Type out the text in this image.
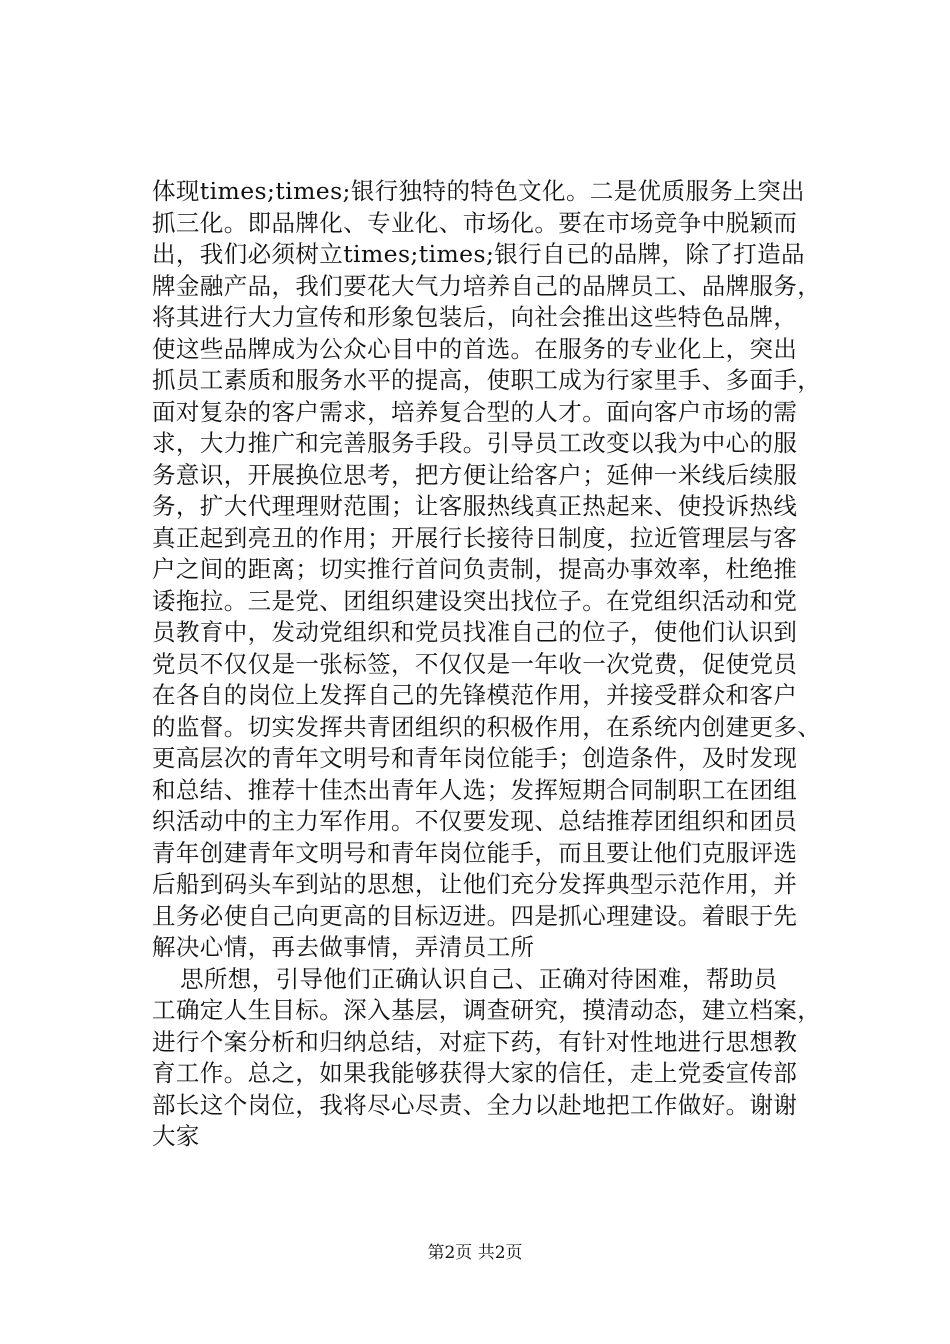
体现times;times;银行独特的特色文化。二是优质服务上突出
抓三化。即品牌化、专业化、市场化。要在市场竞争中脱颖而
出，我们必须树立times;times;银行自已的品牌，除了打造品
牌金融产品，我们要花大气力培养自己的品牌员工、品牌服务，
将其进行大力宣传和形象包装后，向社会推出这些特色品牌，
使这些品牌成为公众心目中的首选。在服务的专业化上，突出
抓员工素质和服务水平的提高，使职工成为行家里手、多面手，
面对复杂的客户需求，培养复合型的人才。面向客户市场的需
求，大力推广和完善服务手段。引导员工改变以我为中心的服
务意识，开展换位思考，把方便让给客户；延伸一米线后续服
务，扩大代理理财范围；让客服热线真正热起来、使投诉热线
真正起到亮丑的作用；开展行长接待日制度，拉近管理层与客
户之间的距离；切实推行首问负责制，提高办事效率，杜绝推
诿拖拉。三是党、团组织建设突出找位子。在党组织活动和党
员教育中，发动党组织和党员找准自己的位子，使他们认识到
党员不仅仅是一张标签，不仅仅是一年收一次党费，促使党员
在各自的岗位上发挥自己的先锋模范作用，并接受群众和客户
的监督。切实发挥共青团组织的积极作用，在系统内创建更多、
更高层次的青年文明号和青年岗位能手；创造条件，及时发现
和总结、推荐十佳杰出青年人选；发挥短期合同制职工在团组
织活动中的主力军作用。不仅要发现、总结推荐团组织和团员
青年创建青年文明号和青年岗位能手，而且要让他们克服评选
后船到码头车到站的思想，让他们充分发挥典型示范作用，并
且务必使自己向更高的目标迈进。四是抓心理建设。着眼于先
解决心情，再去做事情，弄清员工所
思所想，引导他们正确认识自己、正确对待困难，帮助员
工确定人生目标。深入基层，调查研究，摸清动态，建立档案，
进行个案分析和归纳总结，对症下药，有针对性地进行思想教
育工作。总之，如果我能够获得大家的信任，走上党委宣传部
部长这个岗位，我将尽心尽责、全力以赴地把工作做好。谢谢
大家
第2页 共2页
